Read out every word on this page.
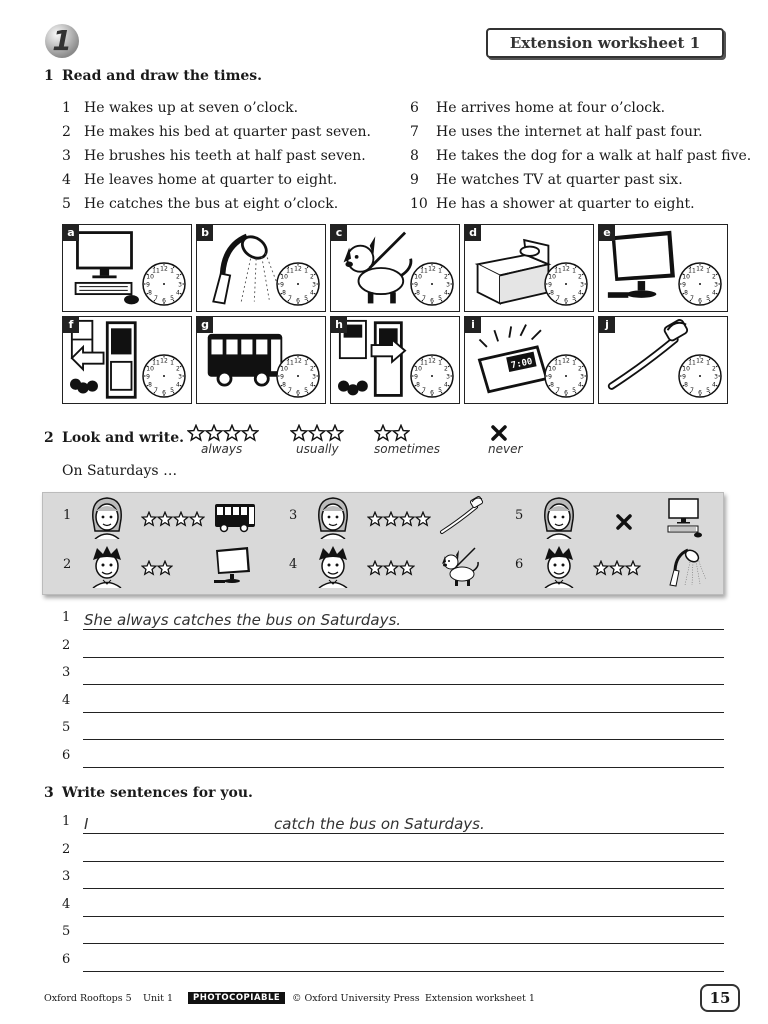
1	Extension worksheet 1
1 Read and draw the times.
1 He wakes up at seven o’clock.
2 He makes his bed at quarter past seven.
3 He brushes his teeth at half past seven.
4 He leaves home at quarter to eight.
5 He catches the bus at eight o’clock.
6 He arrives home at four o’clock.
7 He uses the internet at half past four.
8 He takes the dog for a walk at half past five.
9 He watches TV at quarter past six.
10 He has a shower at quarter to eight.
1
2
3
4
5
6
7
8
9
10
11 12
a
1
2
3
4
5
6
7
8
9
10
11 12
b
1
2
3
4
5
6
7
8
9
10
11 12
c
1
2
3
4
5
6
7
8
9
10
11 12
d
1
2
3
4
5
6
7
8
9
10
11 12
e
1
2
3
4
5
6
7
8
9
10
11 12
f
1
2
3
4
5
6
7
8
9
10
11 12
g
1
2
3
4
5
6
7
8
9
10
11 12
h
7:00	1
2
3
4
5
6
7
8
9
10
11 12
i
1
2
3
4
5
6
7
8
9
10
11 12
j
2 Look and write.
always	usually	sometimes	never
On Saturdays …
1
2
3
4
5
6
1 She always catches the bus on Saturdays.
2
3
4
5
6
3 Write sentences for you.
1 I	catch the bus on Saturdays.
2
3
4
5
6
Oxford Rooftops 5 Unit 1	PHOTOCOPIABLE	© Oxford University Press Extension worksheet 1	15
